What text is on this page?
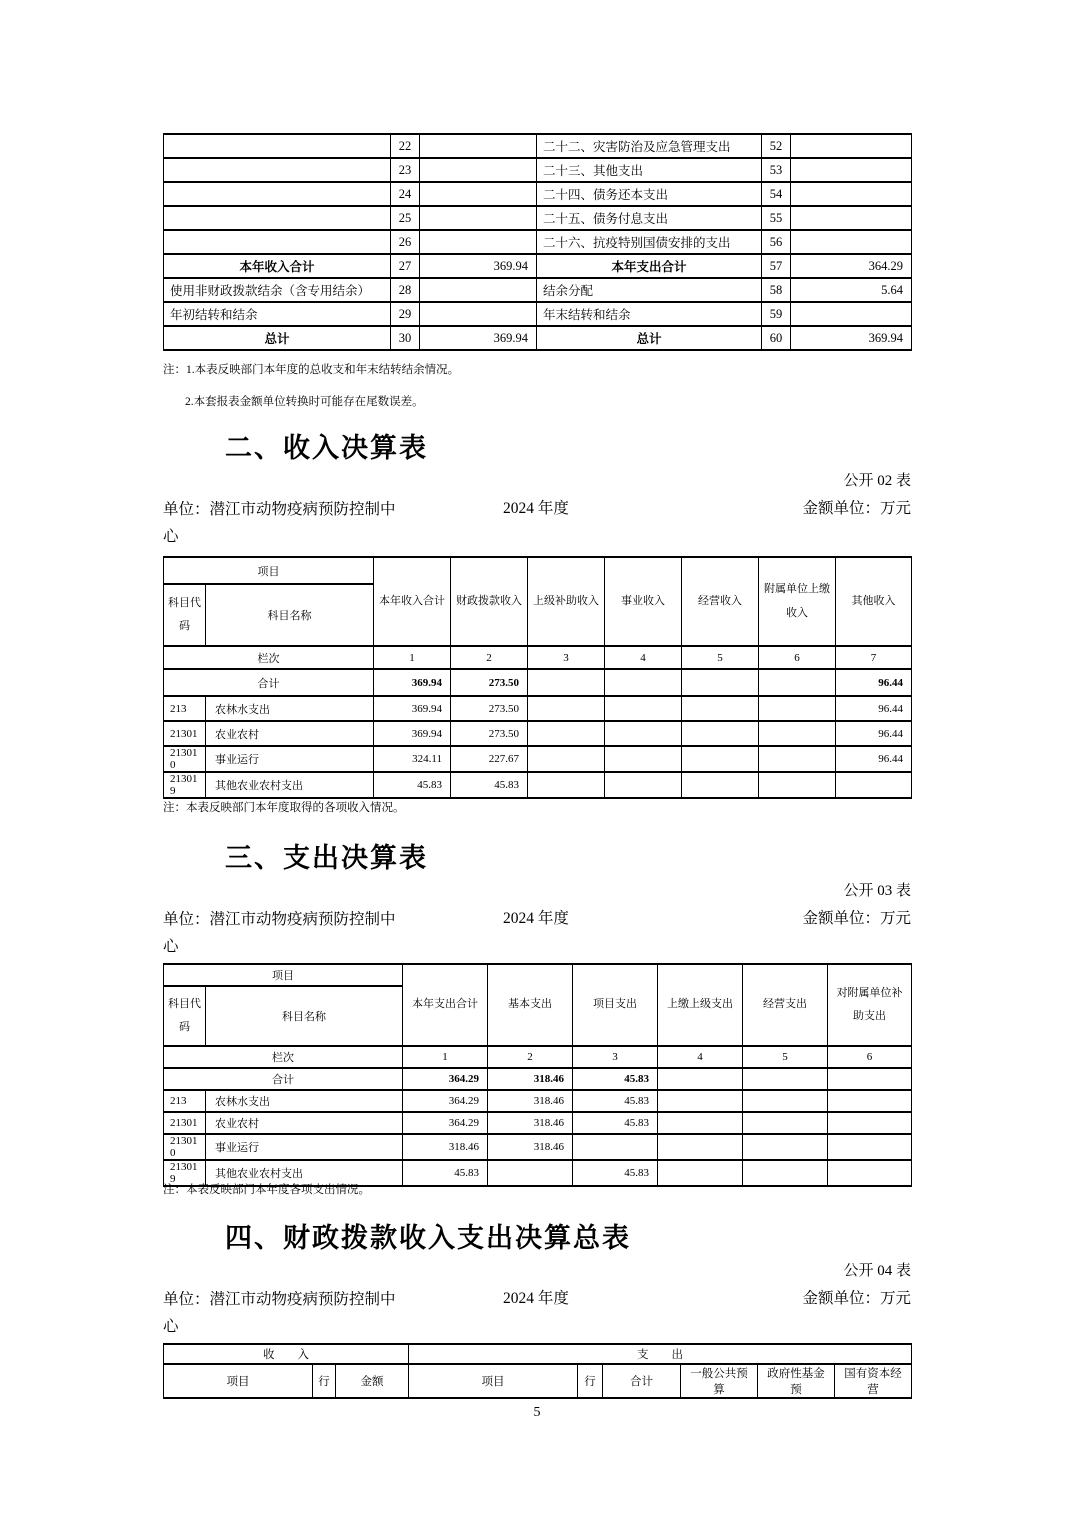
	22		二十二、灾害防治及应急管理支出	52	
	23		二十三、其他支出	53	
	24		二十四、债务还本支出	54	
	25		二十五、债务付息支出	55	
	26		二十六、抗疫特别国债安排的支出	56	
本年收入合计	27	369.94	本年支出合计	57	364.29
使用非财政拨款结余（含专用结余）	28		结余分配	58	5.64
年初结转和结余	29		年末结转和结余	59	
总计	30	369.94	总计	60	369.94
注：1.本表反映部门本年度的总收支和年末结转结余情况。
2.本套报表金额单位转换时可能存在尾数误差。
二、收入决算表
公开 02 表
单位：潜江市动物疫病预防控制中心
2024 年度	金额单位：万元
项目		本年收入合计	财政拨款收入	上级补助收入	事业收入	经营收入	附属单位上缴收入	其他收入
科目代码	科目名称							
栏次		1	2	3	4	5	6	7
合计		369.94	273.50					96.44
213	农林水支出	369.94	273.50					96.44
21301	农业农村	369.94	273.50					96.44
213010	事业运行	324.11	227.67					96.44
213019	其他农业农村支出	45.83	45.83					
注：本表反映部门本年度取得的各项收入情况。
三、支出决算表
公开 03 表
单位：潜江市动物疫病预防控制中心
2024 年度	金额单位：万元
项目		本年支出合计	基本支出	项目支出	上缴上级支出	经营支出	对附属单位补助支出
科目代码	科目名称						
栏次		1	2	3	4	5	6
合计		364.29	318.46	45.83			
213	农林水支出	364.29	318.46	45.83			
21301	农业农村	364.29	318.46	45.83			
213010	事业运行	318.46	318.46				
213019	其他农业农村支出	45.83		45.83			
注：本表反映部门本年度各项支出情况。
四、财政拨款收入支出决算总表
公开 04 表
单位：潜江市动物疫病预防控制中心
2024 年度	金额单位：万元
收　　入			支　　出					
项目	行	金额	项目	行	合计	一般公共预算	政府性基金预	国有资本经营
5
